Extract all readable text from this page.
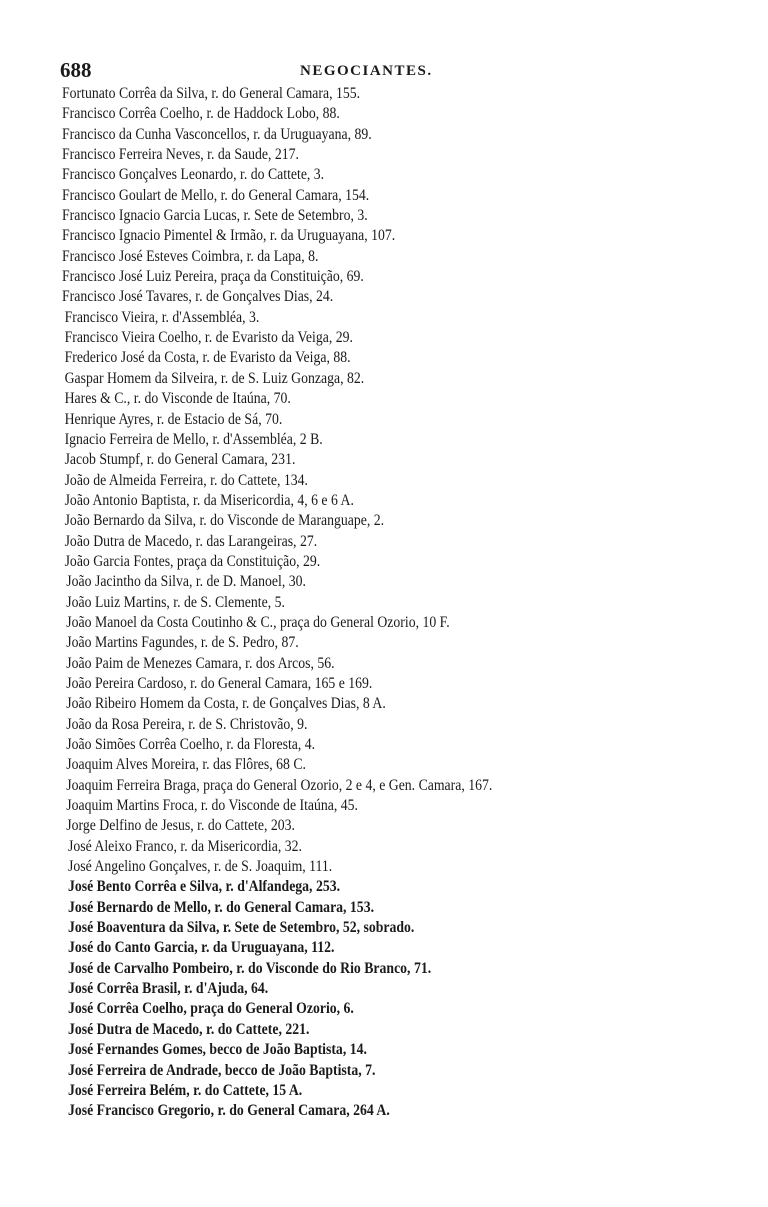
688	NEGOCIANTES.
Fortunato Corrêa da Silva, r. do General Camara, 155.
Francisco Corrêa Coelho, r. de Haddock Lobo, 88.
Francisco da Cunha Vasconcellos, r. da Uruguayana, 89.
Francisco Ferreira Neves, r. da Saude, 217.
Francisco Gonçalves Leonardo, r. do Cattete, 3.
Francisco Goulart de Mello, r. do General Camara, 154.
Francisco Ignacio Garcia Lucas, r. Sete de Setembro, 3.
Francisco Ignacio Pimentel & Irmão, r. da Uruguayana, 107.
Francisco José Esteves Coimbra, r. da Lapa, 8.
Francisco José Luiz Pereira, praça da Constituição, 69.
Francisco José Tavares, r. de Gonçalves Dias, 24.
Francisco Vieira, r. d'Assembléa, 3.
Francisco Vieira Coelho, r. de Evaristo da Veiga, 29.
Frederico José da Costa, r. de Evaristo da Veiga, 88.
Gaspar Homem da Silveira, r. de S. Luiz Gonzaga, 82.
Hares & C., r. do Visconde de Itaúna, 70.
Henrique Ayres, r. de Estacio de Sá, 70.
Ignacio Ferreira de Mello, r. d'Assembléa, 2 B.
Jacob Stumpf, r. do General Camara, 231.
João de Almeida Ferreira, r. do Cattete, 134.
João Antonio Baptista, r. da Misericordia, 4, 6 e 6 A.
João Bernardo da Silva, r. do Visconde de Maranguape, 2.
João Dutra de Macedo, r. das Larangeiras, 27.
João Garcia Fontes, praça da Constituição, 29.
João Jacintho da Silva, r. de D. Manoel, 30.
João Luiz Martins, r. de S. Clemente, 5.
João Manoel da Costa Coutinho & C., praça do General Ozorio, 10 F.
João Martins Fagundes, r. de S. Pedro, 87.
João Paim de Menezes Camara, r. dos Arcos, 56.
João Pereira Cardoso, r. do General Camara, 165 e 169.
João Ribeiro Homem da Costa, r. de Gonçalves Dias, 8 A.
João da Rosa Pereira, r. de S. Christovão, 9.
João Simões Corrêa Coelho, r. da Floresta, 4.
Joaquim Alves Moreira, r. das Flôres, 68 C.
Joaquim Ferreira Braga, praça do General Ozorio, 2 e 4, e Gen. Camara, 167.
Joaquim Martins Froca, r. do Visconde de Itaúna, 45.
Jorge Delfino de Jesus, r. do Cattete, 203.
José Aleixo Franco, r. da Misericordia, 32.
José Angelino Gonçalves, r. de S. Joaquim, 111.
José Bento Corrêa e Silva, r. d'Alfandega, 253.
José Bernardo de Mello, r. do General Camara, 153.
José Boaventura da Silva, r. Sete de Setembro, 52, sobrado.
José do Canto Garcia, r. da Uruguayana, 112.
José de Carvalho Pombeiro, r. do Visconde do Rio Branco, 71.
José Corrêa Brasil, r. d'Ajuda, 64.
José Corrêa Coelho, praça do General Ozorio, 6.
José Dutra de Macedo, r. do Cattete, 221.
José Fernandes Gomes, becco de João Baptista, 14.
José Ferreira de Andrade, becco de João Baptista, 7.
José Ferreira Belém, r. do Cattete, 15 A.
José Francisco Gregorio, r. do General Camara, 264 A.
